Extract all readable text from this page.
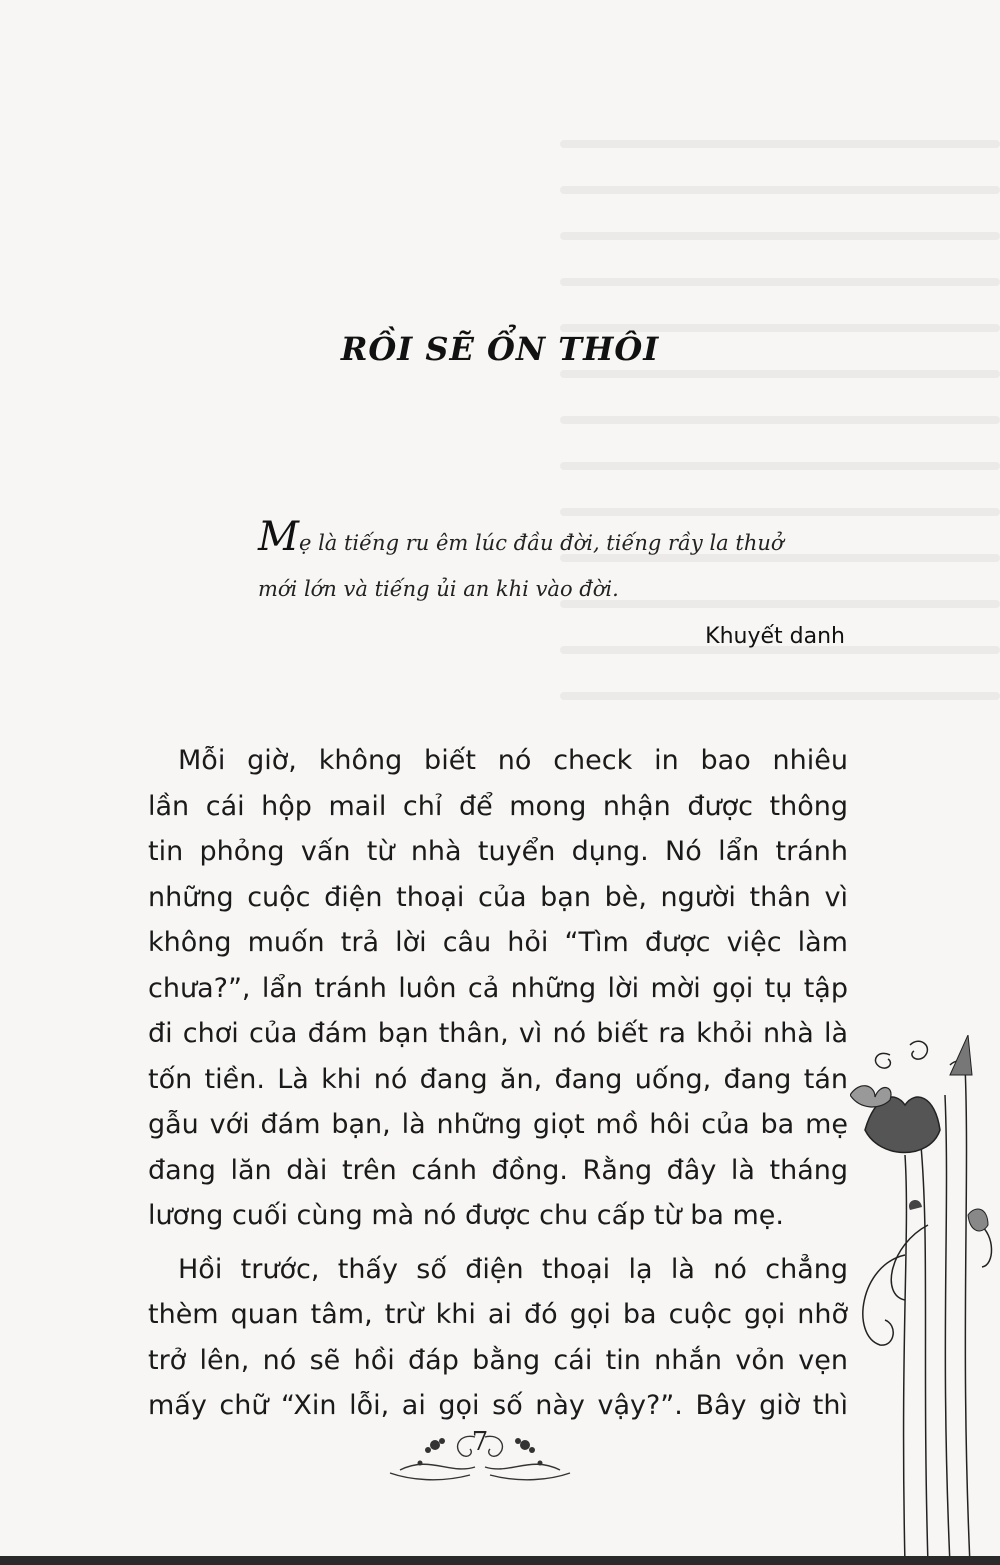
RỒI SẼ ỔN THÔI
Mẹ là tiếng ru êm lúc đầu đời, tiếng rầy la thuở
mới lớn và tiếng ủi an khi vào đời.
Khuyết danh
Mỗi giờ, không biết nó check in bao nhiêu
lần cái hộp mail chỉ để mong nhận được thông
tin phỏng vấn từ nhà tuyển dụng. Nó lẩn tránh
những cuộc điện thoại của bạn bè, người thân vì
không muốn trả lời câu hỏi “Tìm được việc làm
chưa?”, lẩn tránh luôn cả những lời mời gọi tụ tập
đi chơi của đám bạn thân, vì nó biết ra khỏi nhà là
tốn tiền. Là khi nó đang ăn, đang uống, đang tán
gẫu với đám bạn, là những giọt mồ hôi của ba mẹ
đang lăn dài trên cánh đồng. Rằng đây là tháng
lương cuối cùng mà nó được chu cấp từ ba mẹ.
Hồi trước, thấy số điện thoại lạ là nó chẳng
thèm quan tâm, trừ khi ai đó gọi ba cuộc gọi nhỡ
trở lên, nó sẽ hồi đáp bằng cái tin nhắn vỏn vẹn
mấy chữ “Xin lỗi, ai gọi số này vậy?”. Bây giờ thì
7
